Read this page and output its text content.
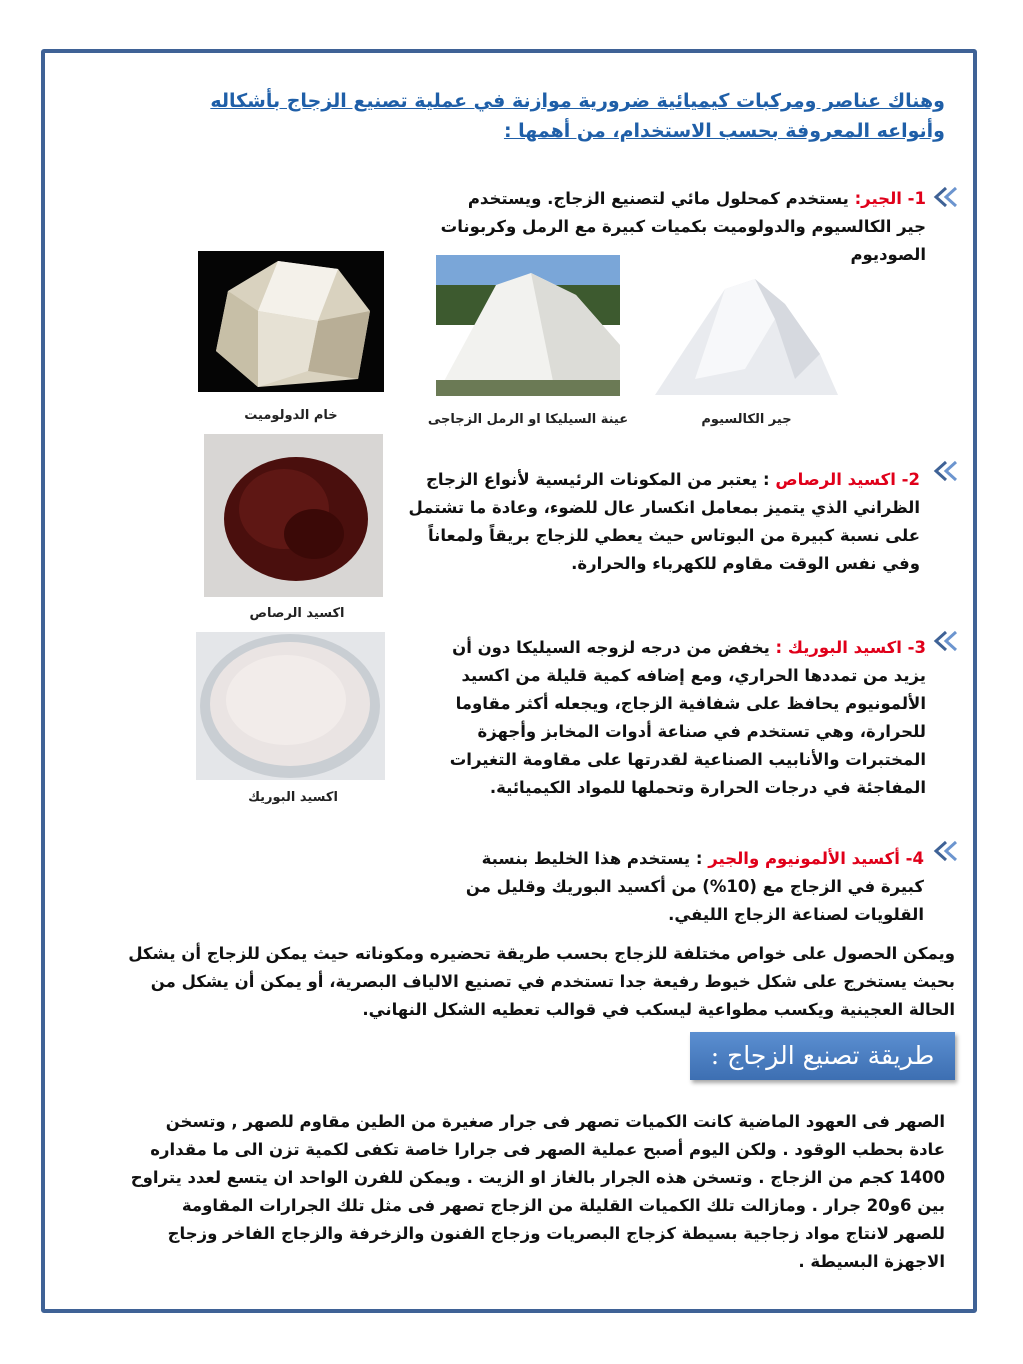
وهناك عناصر ومركبات كيميائية ضرورية موازنة في عملية تصنيع الزجاج بأشكاله
وأنواعه المعروفة بحسب الاستخدام، من أهمها :
1- الجير: يستخدم كمحلول مائي لتصنيع الزجاج. ويستخدم جير الكالسيوم والدولوميت بكميات كبيرة مع الرمل وكربونات الصوديوم
خام الدولوميت	عينة السيليكا او الرمل الزجاجى	جير الكالسيوم
2- اكسيد الرصاص : يعتبر من المكونات الرئيسية لأنواع الزجاج الظراني الذي يتميز بمعامل انكسار عال للضوء، وعادة ما تشتمل على نسبة كبيرة من البوتاس حيث يعطي للزجاج بريقاً ولمعاناً وفي نفس الوقت مقاوم للكهرباء والحرارة.
اكسيد الرصاص
3- اكسيد البوريك : يخفض من درجه لزوجه السيليكا دون أن يزيد من تمددها الحراري، ومع إضافه كمية قليلة من اكسيد الألمونيوم يحافظ على شفافية الزجاج، ويجعله أكثر مقاوما للحرارة، وهي تستخدم في صناعة أدوات المخابز وأجهزة المختبرات والأنابيب الصناعية لقدرتها على مقاومة التغيرات المفاجئة في درجات الحرارة وتحملها للمواد الكيميائية.
اكسيد البوريك
4- أكسيد الألمونيوم والجير : يستخدم هذا الخليط بنسبة كبيرة في الزجاج مع (10%) من أكسيد البوريك وقليل من القلويات لصناعة الزجاج الليفي.
ويمكن الحصول على خواص مختلفة للزجاج بحسب طريقة تحضيره ومكوناته حيث يمكن للزجاج أن يشكل بحيث يستخرج على شكل خيوط رفيعة جدا تستخدم في تصنيع الالياف البصرية، أو يمكن أن يشكل من الحالة العجينية ويكسب مطواعية ليسكب في قوالب تعطيه الشكل النهاني.
طريقة تصنيع الزجاج :
الصهر فى العهود الماضية كانت الكميات تصهر فى جرار صغيرة من الطين مقاوم للصهر , وتسخن عادة بحطب الوقود . ولكن اليوم أصبح عملية الصهر فى جرارا خاصة تكفى لكمية تزن الى ما مقداره 1400 كجم من الزجاج . وتسخن هذه الجرار بالغاز او الزيت . ويمكن للفرن الواحد ان يتسع لعدد يتراوح بين 6و20 جرار . ومازالت تلك الكميات القليلة من الزجاج تصهر فى مثل تلك الجرارات المقاومة للصهر لانتاج مواد زجاجية بسيطة كزجاج البصريات وزجاج الفنون والزخرفة والزجاج الفاخر وزجاج الاجهزة البسيطة .
